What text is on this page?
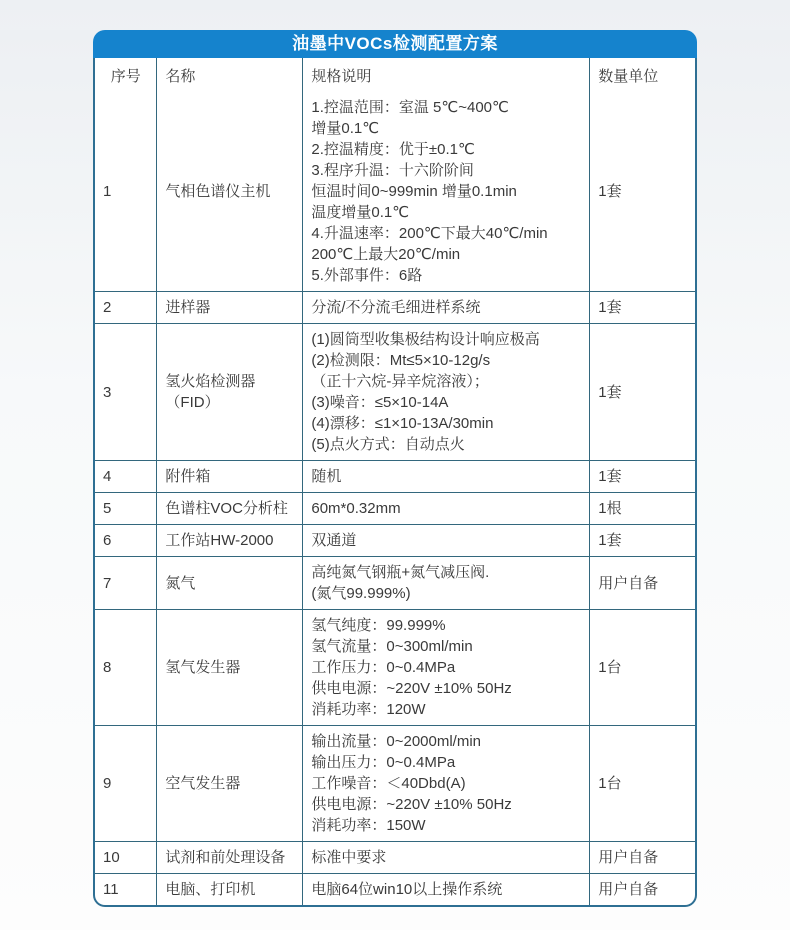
油墨中VOCs检测配置方案
序号	名称	规格说明	数量单位
1	气相色谱仪主机	
1.控温范围：室温 5℃~400℃
增量0.1℃
2.控温精度：优于±0.1℃
3.程序升温：十六阶阶间
恒温时间0~999min 增量0.1min
温度增量0.1℃
4.升温速率：200℃下最大40℃/min
200℃上最大20℃/min
5.外部事件：6路
	1套
2	进样器	分流/不分流毛细进样系统	1套
3	氢火焰检测器（FID）	
(1)圆筒型收集极结构设计响应极高
(2)检测限：Mt≤5×10-12g/s
（正十六烷-异辛烷溶液）；
(3)噪音：≤5×10-14A
(4)漂移：≤1×10-13A/30min
(5)点火方式：自动点火
	1套
4	附件箱	随机	1套
5	色谱柱VOC分析柱	60m*0.32mm	1根
6	工作站HW-2000	双通道	1套
7	氮气	高纯氮气钢瓶+氮气减压阀.
(氮气99.999%)	用户自备
8	氢气发生器	氢气纯度：99.999%
氢气流量：0~300ml/min
工作压力：0~0.4MPa
供电电源：~220V ±10% 50Hz
消耗功率：120W	1台
9	空气发生器	输出流量：0~2000ml/min
输出压力：0~0.4MPa
工作噪音：＜40Dbd(A)
供电电源：~220V ±10% 50Hz
消耗功率：150W	1台
10	试剂和前处理设备	标准中要求	用户自备
11	电脑、打印机	电脑64位win10以上操作系统	用户自备
